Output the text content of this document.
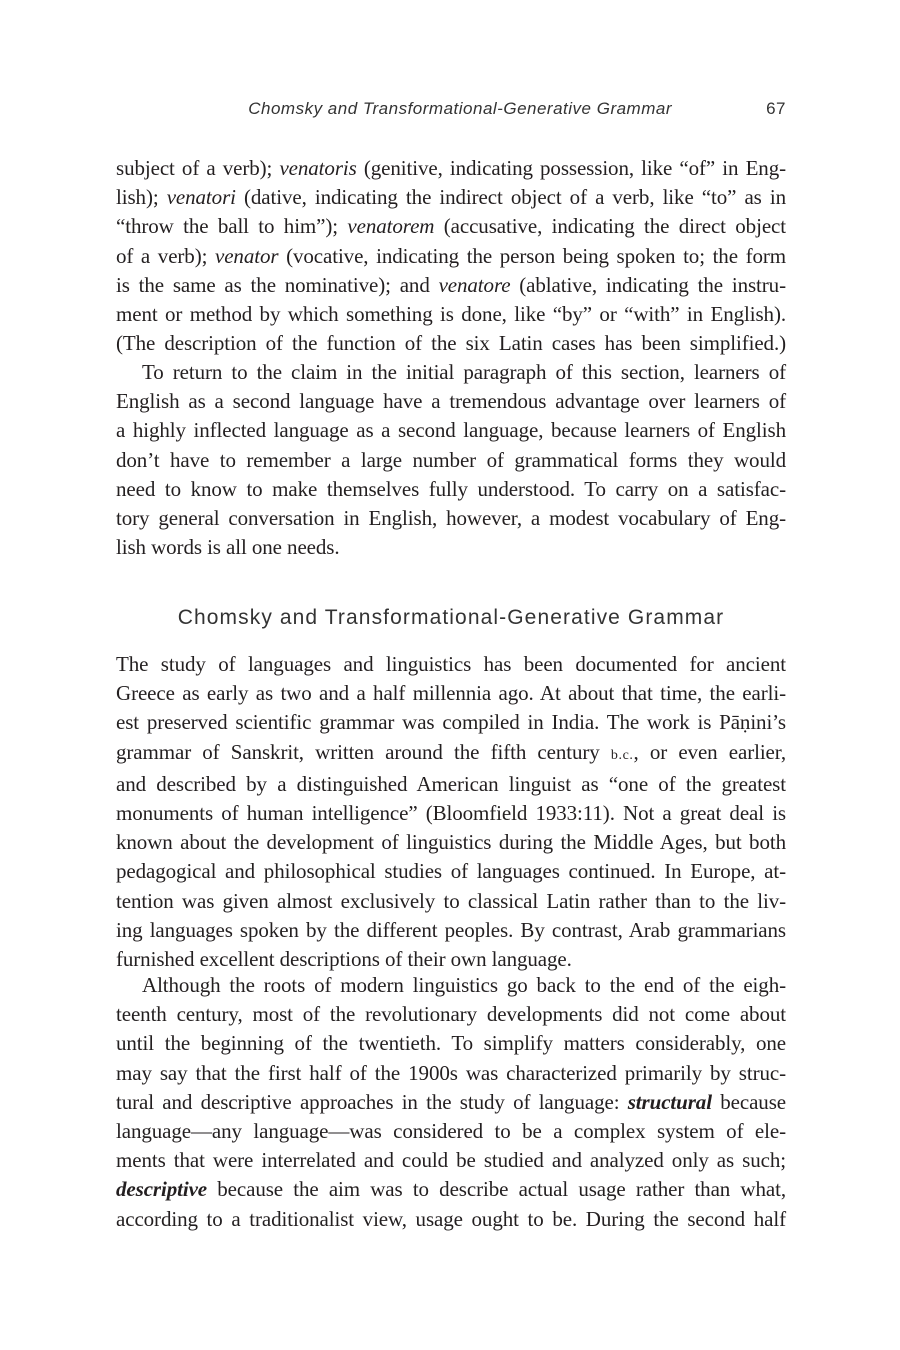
Chomsky and Transformational-Generative Grammar	67

subject of a verb); venatoris (genitive, indicating possession, like “of” in Eng-
lish); venatori (dative, indicating the indirect object of a verb, like “to” as in
“throw the ball to him”); venatorem (accusative, indicating the direct object
of a verb); venator (vocative, indicating the person being spoken to; the form
is the same as the nominative); and venatore (ablative, indicating the instru-
ment or method by which something is done, like “by” or “with” in English).
(The description of the function of the six Latin cases has been simplified.)

To return to the claim in the initial paragraph of this section, learners of
English as a second language have a tremendous advantage over learners of
a highly inflected language as a second language, because learners of English
don’t have to remember a large number of grammatical forms they would
need to know to make themselves fully understood. To carry on a satisfac-
tory general conversation in English, however, a modest vocabulary of Eng-
lish words is all one needs.

Chomsky and Transformational-Generative Grammar

The study of languages and linguistics has been documented for ancient
Greece as early as two and a half millennia ago. At about that time, the earli-
est preserved scientific grammar was compiled in India. The work is Pāṇini’s
grammar of Sanskrit, written around the fifth century b.c., or even earlier,
and described by a distinguished American linguist as “one of the greatest
monuments of human intelligence” (Bloomfield 1933:11). Not a great deal is
known about the development of linguistics during the Middle Ages, but both
pedagogical and philosophical studies of languages continued. In Europe, at-
tention was given almost exclusively to classical Latin rather than to the liv-
ing languages spoken by the different peoples. By contrast, Arab grammarians
furnished excellent descriptions of their own language.

Although the roots of modern linguistics go back to the end of the eigh-
teenth century, most of the revolutionary developments did not come about
until the beginning of the twentieth. To simplify matters considerably, one
may say that the first half of the 1900s was characterized primarily by struc-
tural and descriptive approaches in the study of language: structural because
language—any language—was considered to be a complex system of ele-
ments that were interrelated and could be studied and analyzed only as such;
descriptive because the aim was to describe actual usage rather than what,
according to a traditionalist view, usage ought to be. During the second half
